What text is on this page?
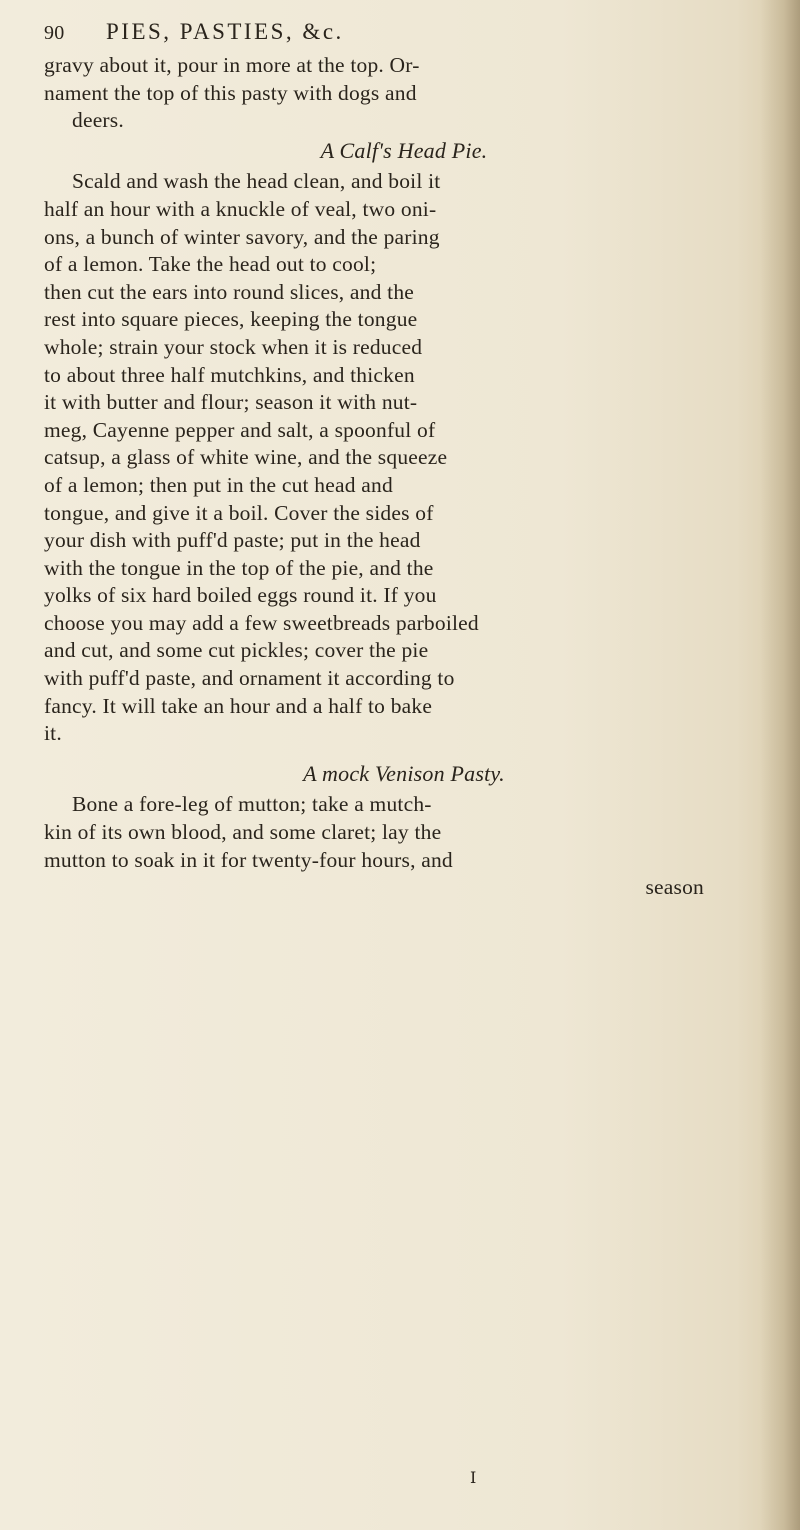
90	PIES, PASTIES, &c.
gravy about it, pour in more at the top. Or-
nament the top of this pasty with dogs and
deers.
A Calf's Head Pie.
Scald and wash the head clean, and boil it
half an hour with a knuckle of veal, two oni-
ons, a bunch of winter savory, and the paring
of a lemon. Take the head out to cool;
then cut the ears into round slices, and the
rest into square pieces, keeping the tongue
whole; strain your stock when it is reduced
to about three half mutchkins, and thicken
it with butter and flour; season it with nut-
meg, Cayenne pepper and salt, a spoonful of
catsup, a glass of white wine, and the squeeze
of a lemon; then put in the cut head and
tongue, and give it a boil. Cover the sides of
your dish with puff'd paste; put in the head
with the tongue in the top of the pie, and the
yolks of six hard boiled eggs round it. If you
choose you may add a few sweetbreads parboiled
and cut, and some cut pickles; cover the pie
with puff'd paste, and ornament it according to
fancy. It will take an hour and a half to bake
it.
A mock Venison Pasty.
Bone a fore-leg of mutton; take a mutch-
kin of its own blood, and some claret; lay the
mutton to soak in it for twenty-four hours, and
season
I
